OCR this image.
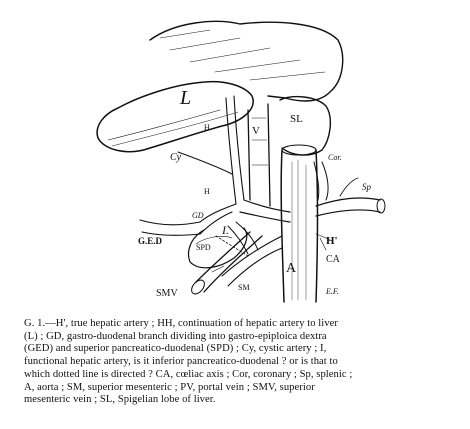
L
H	V
SL
Cy
H
Cor.
Sp
GD
G.E.D
SPD
I.
H'
CA
A
SMV
SM	E.F.
G. 1.—H', true hepatic artery ; HH, continuation of hepatic artery to liver
(L) ; GD, gastro-duodenal branch dividing into gastro-epiploica dextra
(GED) and superior pancreatico-duodenal (SPD) ; Cy, cystic artery ; I,
functional hepatic artery, is it inferior pancreatico-duodenal ? or is that to
which dotted line is directed ? CA, cœliac axis ; Cor, coronary ; Sp, splenic ;
A, aorta ; SM, superior mesenteric ; PV, portal vein ; SMV, superior
mesenteric vein ; SL, Spigelian lobe of liver.
